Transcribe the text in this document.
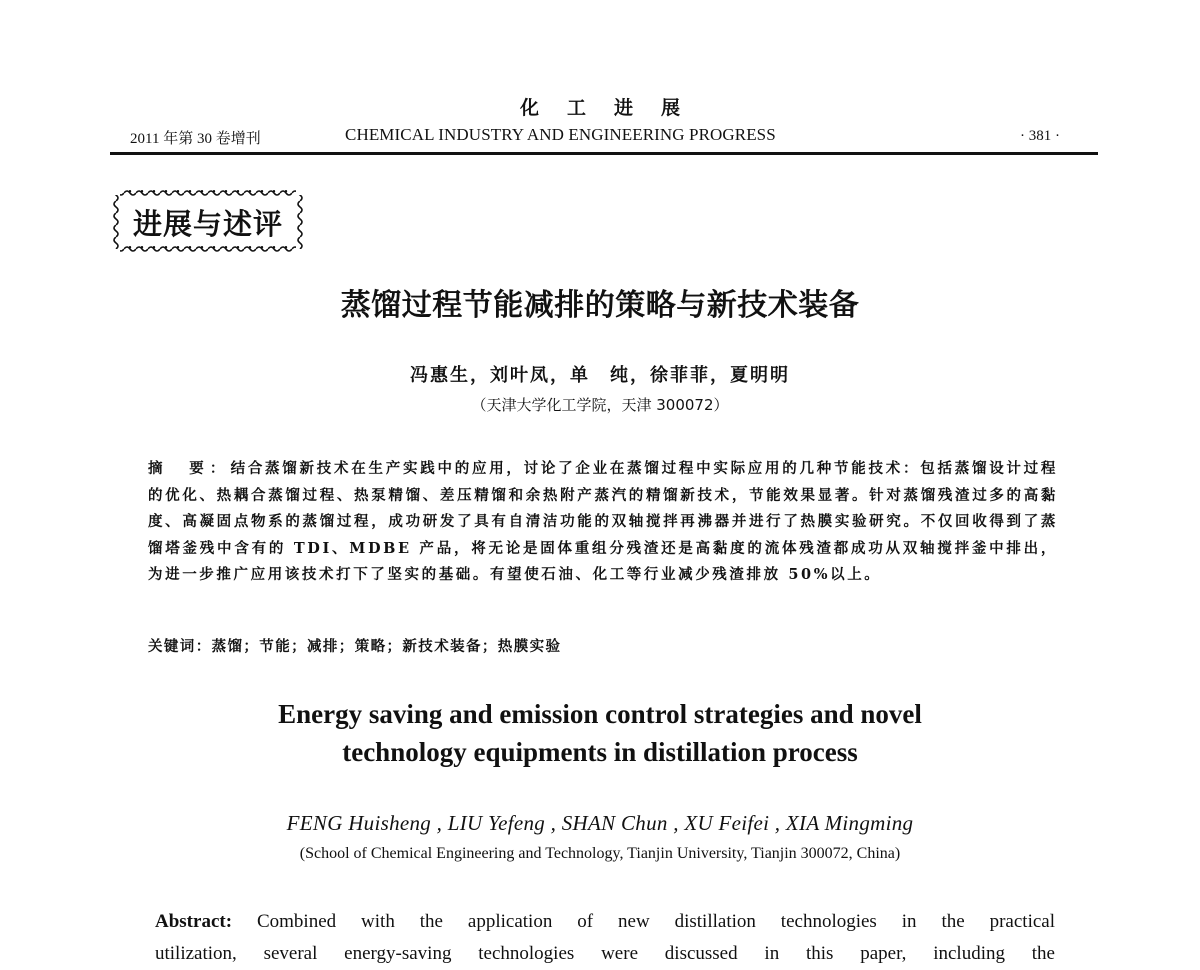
化工进展
2011 年第 30 卷增刊	CHEMICAL INDUSTRY AND ENGINEERING PROGRESS	· 381 ·
进展与述评
蒸馏过程节能减排的策略与新技术装备
冯惠生，刘叶凤，单　纯，徐菲菲，夏明明
（天津大学化工学院，天津 300072）
摘　要：结合蒸馏新技术在生产实践中的应用，讨论了企业在蒸馏过程中实际应用的几种节能技术：包括蒸馏设计过程的优化、热耦合蒸馏过程、热泵精馏、差压精馏和余热附产蒸汽的精馏新技术，节能效果显著。针对蒸馏残渣过多的高黏度、高凝固点物系的蒸馏过程，成功研发了具有自清洁功能的双轴搅拌再沸器并进行了热膜实验研究。不仅回收得到了蒸馏塔釜残中含有的 TDI、MDBE 产品，将无论是固体重组分残渣还是高黏度的流体残渣都成功从双轴搅拌釜中排出，为进一步推广应用该技术打下了坚实的基础。有望使石油、化工等行业减少残渣排放 50%以上。
关键词：蒸馏；节能；减排；策略；新技术装备；热膜实验
Energy saving and emission control strategies and novel
technology equipments in distillation process
FENG Huisheng , LIU Yefeng , SHAN Chun , XU Feifei , XIA Mingming
(School of Chemical Engineering and Technology, Tianjin University, Tianjin 300072, China)
Abstract: Combined with the application of new distillation technologies in the practical
utilization, several energy-saving technologies were discussed in this paper, including the
